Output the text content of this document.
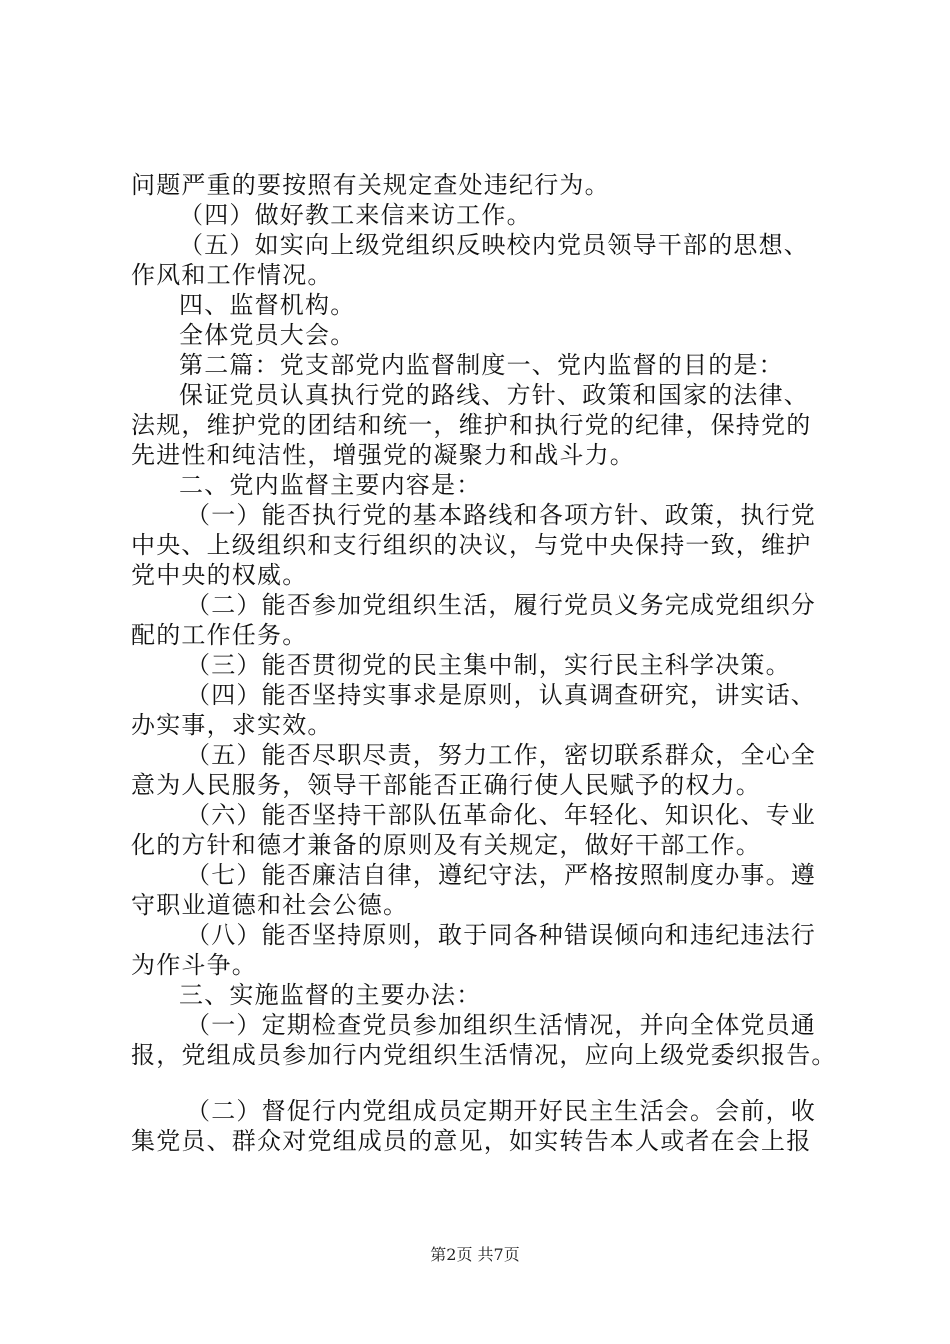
问题严重的要按照有关规定查处违纪行为。
（四）做好教工来信来访工作。
（五）如实向上级党组织反映校内党员领导干部的思想、
作风和工作情况。
四、监督机构。
全体党员大会。
第二篇：党支部党内监督制度一、党内监督的目的是：
保证党员认真执行党的路线、方针、政策和国家的法律、
法规，维护党的团结和统一，维护和执行党的纪律，保持党的
先进性和纯洁性，增强党的凝聚力和战斗力。
二、党内监督主要内容是：
（一）能否执行党的基本路线和各项方针、政策，执行党
中央、上级组织和支行组织的决议，与党中央保持一致，维护
党中央的权威。
（二）能否参加党组织生活，履行党员义务完成党组织分
配的工作任务。
（三）能否贯彻党的民主集中制，实行民主科学决策。
（四）能否坚持实事求是原则，认真调查研究，讲实话、
办实事，求实效。
（五）能否尽职尽责，努力工作，密切联系群众，全心全
意为人民服务，领导干部能否正确行使人民赋予的权力。
（六）能否坚持干部队伍革命化、年轻化、知识化、专业
化的方针和德才兼备的原则及有关规定，做好干部工作。
（七）能否廉洁自律，遵纪守法，严格按照制度办事。遵
守职业道德和社会公德。
（八）能否坚持原则，敢于同各种错误倾向和违纪违法行
为作斗争。
三、实施监督的主要办法：
（一）定期检查党员参加组织生活情况，并向全体党员通
报，党组成员参加行内党组织生活情况，应向上级党委织报告。
（二）督促行内党组成员定期开好民主生活会。会前，收
集党员、群众对党组成员的意见，如实转告本人或者在会上报
第2页 共7页
